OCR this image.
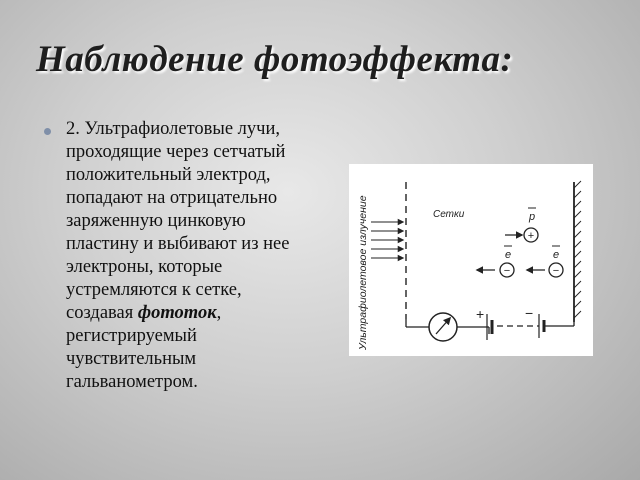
Наблюдение фотоэффекта:
2. Ультрафиолетовые лучи,
проходящие через сетчатый
положительный электрод,
попадают на отрицательно
заряженную цинковую
пластину и выбивают из нее
электроны, которые
устремляются к сетке,
создавая фототок,
регистрируемый
чувствительным
гальванометром.
Ультрафиолетовое излучение	Сетки	p
+
e
−
e
−
+	−
